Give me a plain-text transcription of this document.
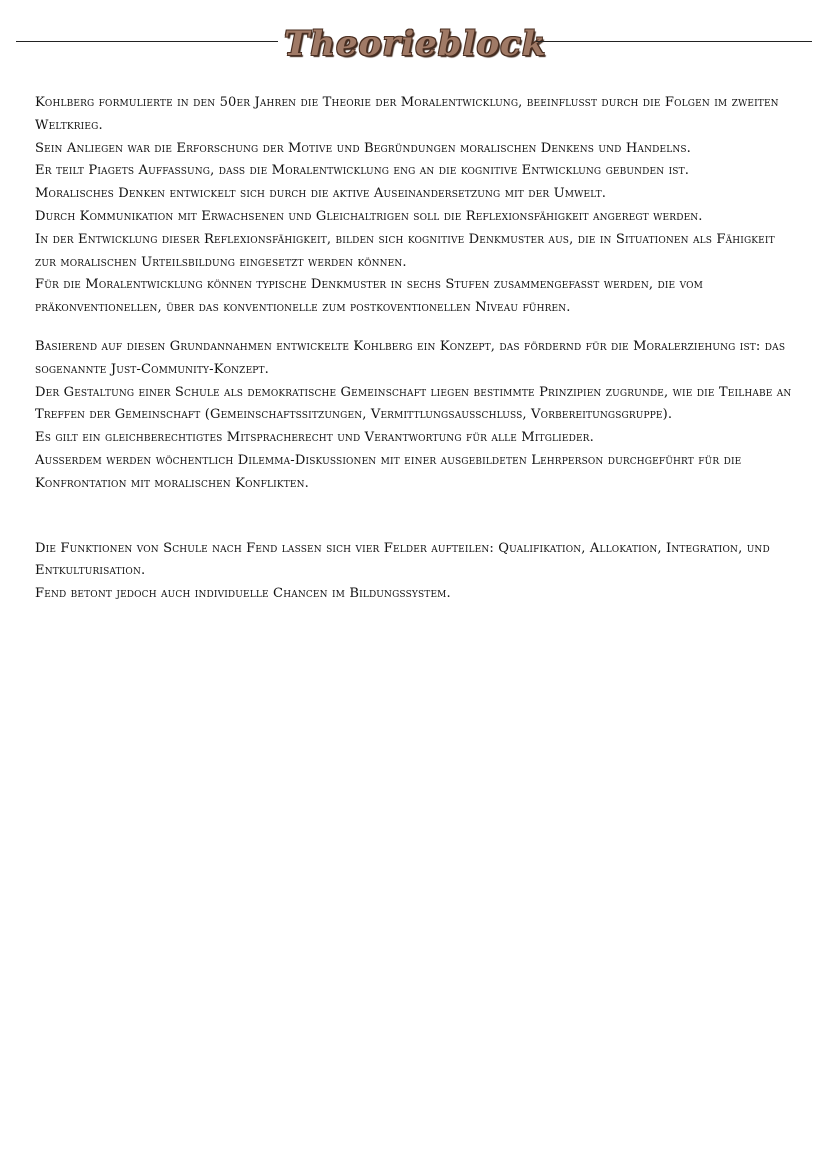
Theorieblock

Kohlberg formulierte in den 50er Jahren die Theorie der Moralentwicklung, beeinflusst durch die Folgen im zweiten Weltkrieg.

Sein Anliegen war die Erforschung der Motive und Begründungen moralischen Denkens und Handelns.

Er teilt Piagets Auffassung, dass die Moralentwicklung eng an die kognitive Entwicklung gebunden ist.

Moralisches Denken entwickelt sich durch die aktive Auseinandersetzung mit der Umwelt.

Durch Kommunikation mit Erwachsenen und Gleichaltrigen soll die Reflexionsfähigkeit angeregt werden.

In der Entwicklung dieser Reflexionsfähigkeit, bilden sich kognitive Denkmuster aus, die in Situationen als Fähigkeit zur moralischen Urteilsbildung eingesetzt werden können.

Für die Moralentwicklung können typische Denkmuster in sechs Stufen zusammengefasst werden, die vom präkonventionellen, über das konventionelle zum postkoventionellen Niveau führen.

Basierend auf diesen Grundannahmen entwickelte Kohlberg ein Konzept, das fördernd für die Moralerziehung ist: das sogenannte Just-Community-Konzept.

Der Gestaltung einer Schule als demokratische Gemeinschaft liegen bestimmte Prinzipien zugrunde, wie die Teilhabe an Treffen der Gemeinschaft (Gemeinschaftssitzungen, Vermittlungsausschluss, Vorbereitungsgruppe).

Es gilt ein gleichberechtigtes Mitspracherecht und Verantwortung für alle Mitglieder.

Ausserdem werden wöchentlich Dilemma-Diskussionen mit einer ausgebildeten Lehrperson durchgeführt für die Konfrontation mit moralischen Konflikten.

Die Funktionen von Schule nach Fend lassen sich vier Felder aufteilen: Qualifikation, Allokation, Integration, und Entkulturisation.

Fend betont jedoch auch individuelle Chancen im Bildungssystem.
